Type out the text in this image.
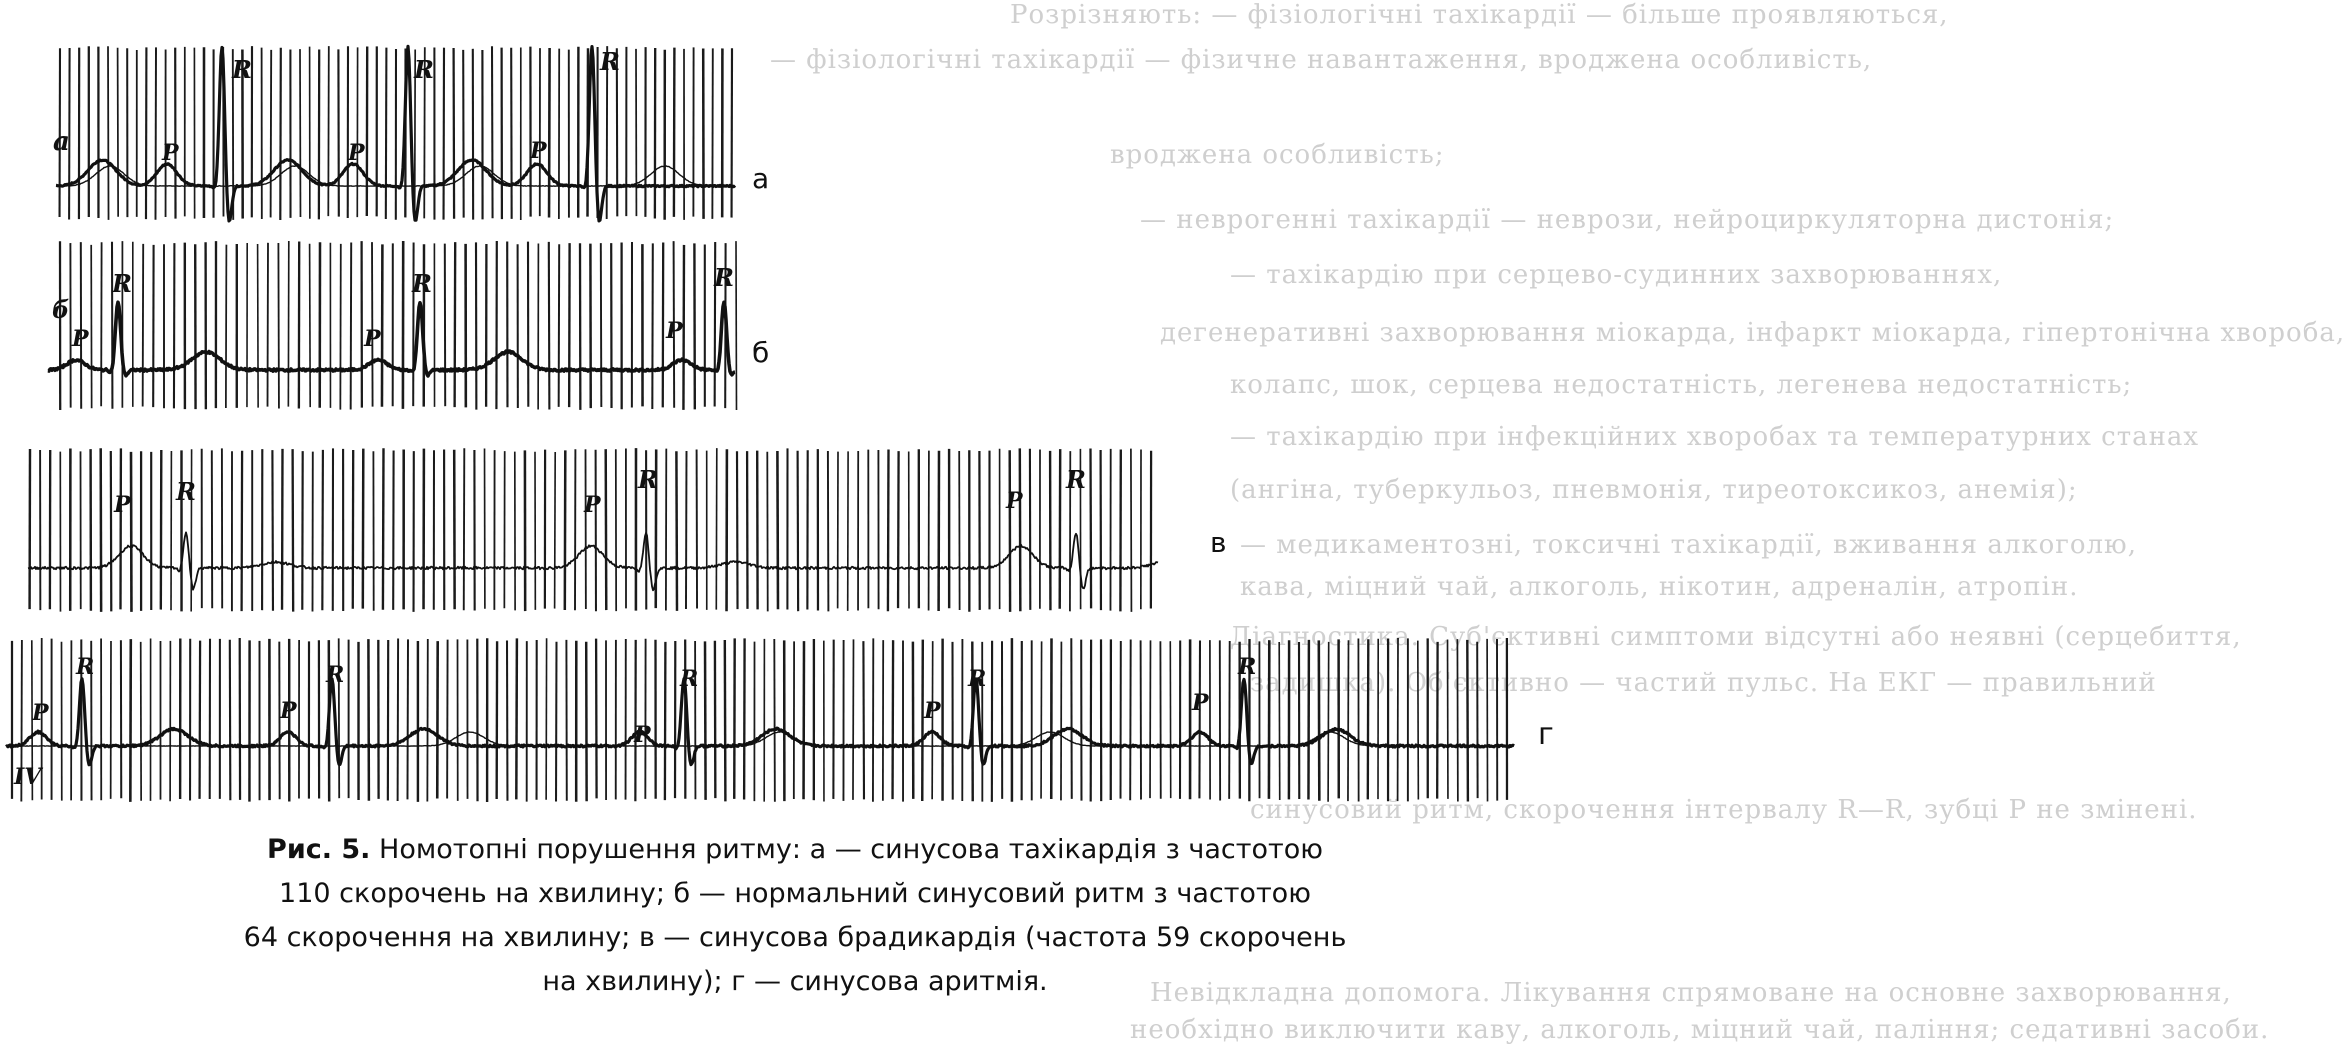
Розрізняють: — фізіологічні тахікардії — більше проявляються,
— фізіологічні тахікардії — фізичне навантаження, вроджена особливість,
вроджена особливість;
— неврогенні тахікардії — неврози, нейроциркуляторна дистонія;
— тахікардію при серцево-судинних захворюваннях,
дегенеративні захворювання міокарда, інфаркт міокарда, гіпертонічна хвороба,
колапс, шок, серцева недостатність, легенева недостатність;
— тахікардію при інфекційних хворобах та температурних станах
(ангіна, туберкульоз, пневмонія, тиреотоксикоз, анемія);
— медикаментозні, токсичні тахікардії, вживання алкоголю,
кава, міцний чай, алкоголь, нікотин, адреналін, атропін.
Діагностика. Суб'єктивні симптоми відсутні або неявні (серцебиття,
задишка). Об'єктивно — частий пульс. На ЕКГ — правильний
синусовий ритм, скорочення інтервалу R—R, зубці Р не змінені.
Невідкладна допомога. Лікування спрямоване на основне захворювання,
необхідно виключити каву, алкоголь, міцний чай, паління; седативні засоби.
R	R	R
P	P	P
R	R	R
P	P	P
R	R	R
P	P	P
R	R	R	R	R
P	P
P
P	P
а
б
в
г
a
б
IV
Рис. 5. Номотопні порушення ритму: а — синусова тахікардія з частотою
110 скорочень на хвилину; б — нормальний синусовий ритм з частотою
64 скорочення на хвилину; в — синусова брадикардія (частота 59 скорочень
на хвилину); г — синусова аритмія.
